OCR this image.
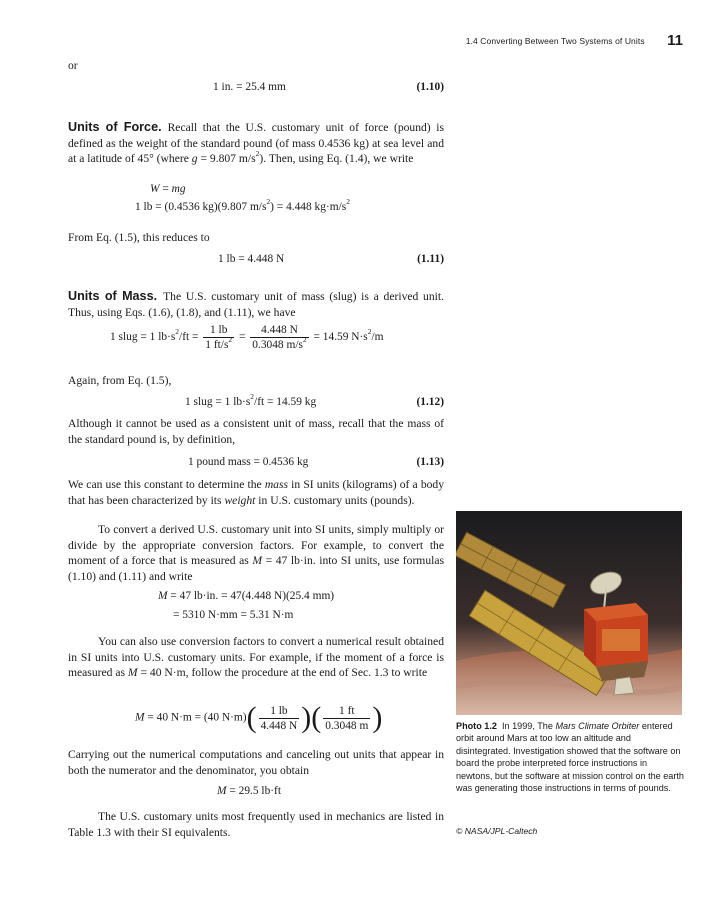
1.4 Converting Between Two Systems of Units 11
or
1 in. = 25.4 mm	(1.10)

Units of Force. Recall that the U.S. customary unit of force (pound) is defined as the weight of the standard pound (of mass 0.4536 kg) at sea level and at a latitude of 45° (where g = 9.807 $m/s^2$). Then, using Eq. (1.4), we write

W = mg
1 lb = (0.4536 kg)(9.807 $m/s^2) = 4.448$ $kg\cdot m/s^2$
From Eq. (1.5), this reduces to
1 lb = 4.448 N	(1.11)

Units of Mass. The U.S. customary unit of mass (slug) is a derived unit. Thus, using Eqs. (1.6), (1.8), and (1.11), we have

1 slug = 1 $lb\cdot s^2/ft = \frac{1 lb}{1 ft/s^2} = \frac{4.448 N}{0.3048 m/s^2} = 14.59$ $N\cdot s^2/m$
Again, from Eq. (1.5),
1 slug = 1 $lb\cdot s^2/ft = 14.59$ kg	(1.12)

Although it cannot be used as a consistent unit of mass, recall that the mass of the standard pound is, by definition,

1 pound mass = 0.4536 kg	(1.13)

We can use this constant to determine the mass in SI units (kilograms) of a body that has been characterized by its weight in U.S. customary units (pounds).

To convert a derived U.S. customary unit into SI units, simply multiply or divide by the appropriate conversion factors. For example, to convert the moment of a force that is measured as M = 47 lb·in. into SI units, use formulas (1.10) and (1.11) and write

M = 47 lb·in. = 47(4.448 N)(25.4 mm)
= 5310 N·mm = 5.31 N·m

You can also use conversion factors to convert a numerical result obtained in SI units into U.S. customary units. For example, if the moment of a force is measured as M = 40 N·m, follow the procedure at the end of Sec. 1.3 to write

M = 40 N·m = (40 $N\cdot m)( \frac{1 lb}{4.448 N}$ )( $\frac{1 ft}{0.3048 m}$ )

Carrying out the numerical computations and canceling out units that appear in both the numerator and the denominator, you obtain

M = 29.5 lb·ft

The U.S. customary units most frequently used in mechanics are listed in Table 1.3 with their SI equivalents.

Photo 1.2 In 1999, The Mars Climate Orbiter entered orbit around Mars at too low an altitude and disintegrated. Investigation showed that the software on board the probe interpreted force instructions in newtons, but the software at mission control on the earth was generating those instructions in terms of pounds.
© NASA/JPL-Caltech
